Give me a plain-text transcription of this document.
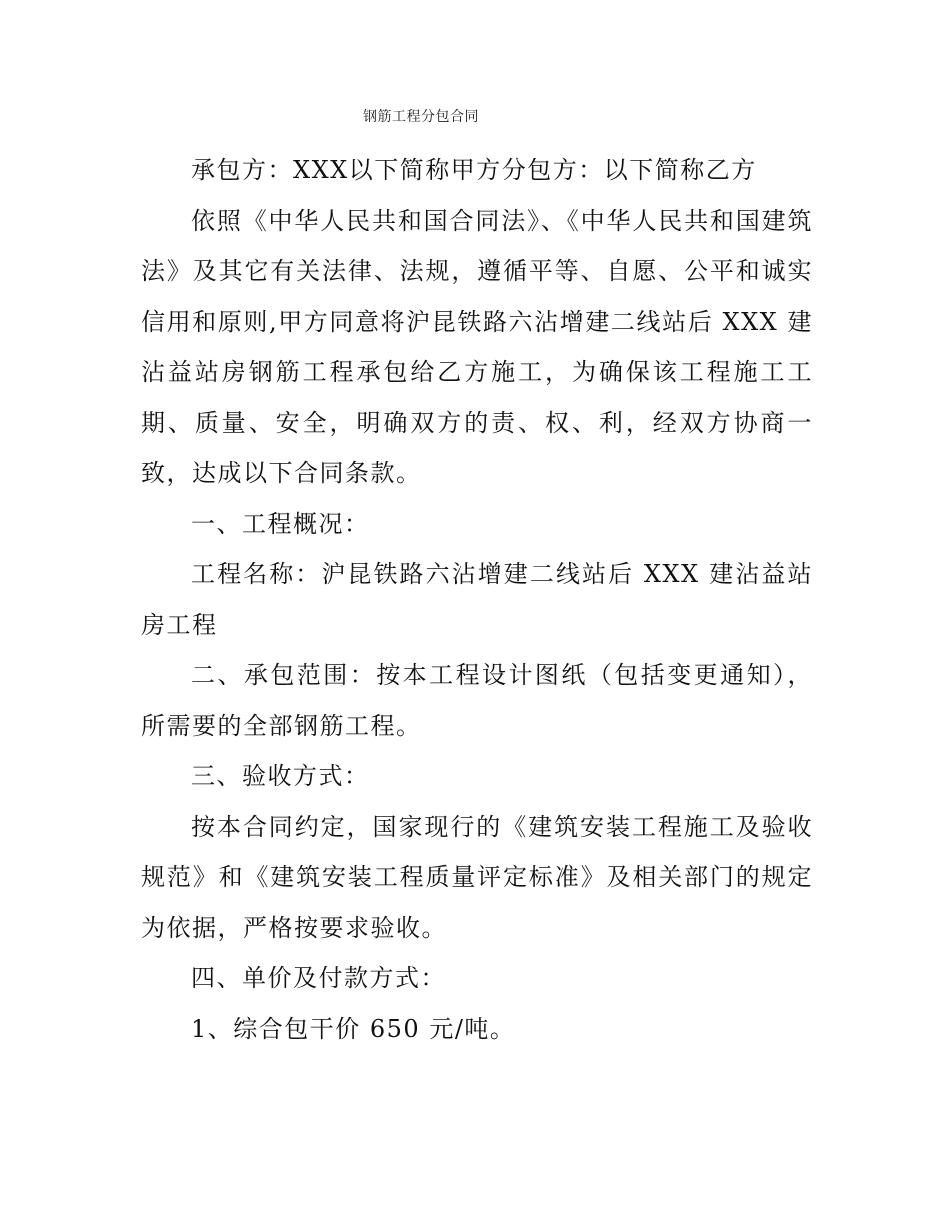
钢筋工程分包合同

承包方：XXX以下简称甲方分包方：以下简称乙方

依照《中华人民共和国合同法》、《中华人民共和国建筑法》及其它有关法律、法规，遵循平等、自愿、公平和诚实信用和原则,甲方同意将沪昆铁路六沾增建二线站后 XXX 建沾益站房钢筋工程承包给乙方施工，为确保该工程施工工期、质量、安全，明确双方的责、权、利，经双方协商一致，达成以下合同条款。

一、工程概况：

工程名称：沪昆铁路六沾增建二线站后 XXX 建沾益站房工程

二、承包范围：按本工程设计图纸（包括变更通知），所需要的全部钢筋工程。

三、验收方式：

按本合同约定，国家现行的《建筑安装工程施工及验收规范》和《建筑安装工程质量评定标准》及相关部门的规定为依据，严格按要求验收。

四、单价及付款方式：

1、综合包干价 650 元/吨。
